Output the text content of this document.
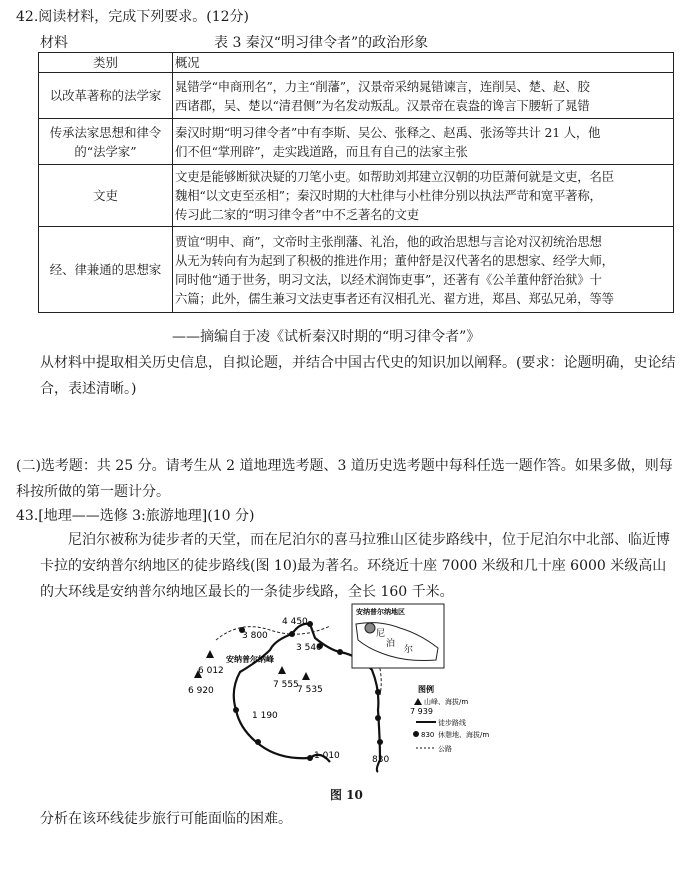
42.阅读材料，完成下列要求。(12分)
材料	表 3 秦汉“明习律令者”的政治形象
类别	概况
以改革著称的法学家	晁错学“申商刑名”，力主“削藩”，汉景帝采纳晁错谏言，连削吴、楚、赵、胶
西诸郡，吴、楚以“清君侧”为名发动叛乱。汉景帝在袁盎的谗言下腰斩了晁错

传承法家思想和律令的“法学家”	秦汉时期“明习律令者”中有李斯、吴公、张释之、赵禹、张汤等共计 21 人，他
们不但“掌刑辟”，走实践道路，而且有自己的法家主张

文吏	文吏是能够断狱决疑的刀笔小吏。如帮助刘邦建立汉朝的功臣萧何就是文吏，名臣
魏相“以文吏至丞相”；秦汉时期的大杜律与小杜律分别以执法严苛和宽平著称，
传习此二家的“明习律令者”中不乏著名的文吏

经、律兼通的思想家	贾谊“明申、商”，文帝时主张削藩、礼治，他的政治思想与言论对汉初统治思想
从无为转向有为起到了积极的推进作用；董仲舒是汉代著名的思想家、经学大师，
同时他“通于世务，明习文法，以经术润饰吏事”，还著有《公羊董仲舒治狱》十
六篇；此外，儒生兼习文法吏事者还有汉相孔光、翟方进，郑昌、郑弘兄弟，等等
——摘编自于凌《试析秦汉时期的“明习律令者”》
从材料中提取相关历史信息，自拟论题，并结合中国古代史的知识加以阐释。(要求：论题明确，史论结合，表述清晰。)
(二)选考题：共 25 分。请考生从 2 道地理选考题、3 道历史选考题中每科任选一题作答。如果多做，则每科按所做的第一题计分。
43.[地理——选修 3:旅游地理](10 分)
尼泊尔被称为徒步者的天堂，而在尼泊尔的喜马拉雅山区徒步路线中，位于尼泊尔中北部、临近博卡拉的安纳普尔纳地区的徒步路线(图 10)最为著名。环绕近十座 7000 米级和几十座 6000 米级高山的大环线是安纳普尔纳地区最长的一条徒步线路，全长 160 千米。
6 012
6 920
7 555
7 535
安纳普尔纳峰
3 800
4 450
3 540
1 190
1 010	830
安纳普尔纳地区
尼
泊
尔
图例
山峰、海拔/m
7 939
徒步路线
830 休憩地、海拔/m
公路
图 10
分析在该环线徒步旅行可能面临的困难。
